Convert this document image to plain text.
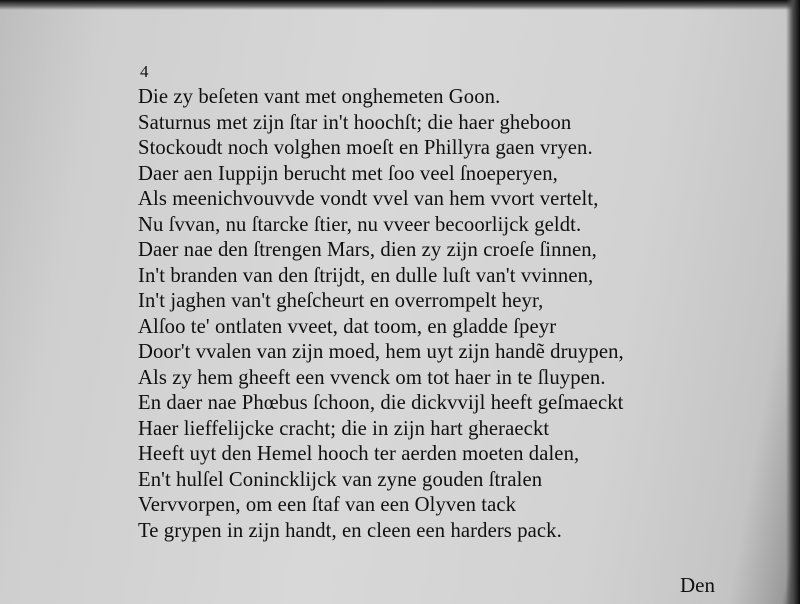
4
Die zy beſeten vant met onghemeten Goon.
Saturnus met zijn ſtar in't hoochſt; die haer gheboon
Stockoudt noch volghen moeſt en Phillyra gaen vryen.
Daer aen Iuppijn berucht met ſoo veel ſnoeperyen,
Als meenichvouvvde vondt vvel van hem vvort vertelt,
Nu ſvvan, nu ſtarcke ſtier, nu vveer becoorlijck geldt.
Daer nae den ſtrengen Mars, dien zy zijn croeſe ſinnen,
In't branden van den ſtrijdt, en dulle luſt van't vvinnen,
In't jaghen van't gheſcheurt en overrompelt heyr,
Alſoo te' ontlaten vveet, dat toom, en gladde ſpeyr
Door't vvalen van zijn moed, hem uyt zijn handẽ druypen,
Als zy hem gheeft een vvenck om tot haer in te ſluypen.
En daer nae Phœbus ſchoon, die dickvvijl heeft geſmaeckt
Haer lieffelijcke cracht; die in zijn hart gheraeckt
Heeft uyt den Hemel hooch ter aerden moeten dalen,
En't hulſel Conincklijck van zyne gouden ſtralen
Vervvorpen, om een ſtaf van een Olyven tack
Te grypen in zijn handt, en cleen een harders pack.
Den
